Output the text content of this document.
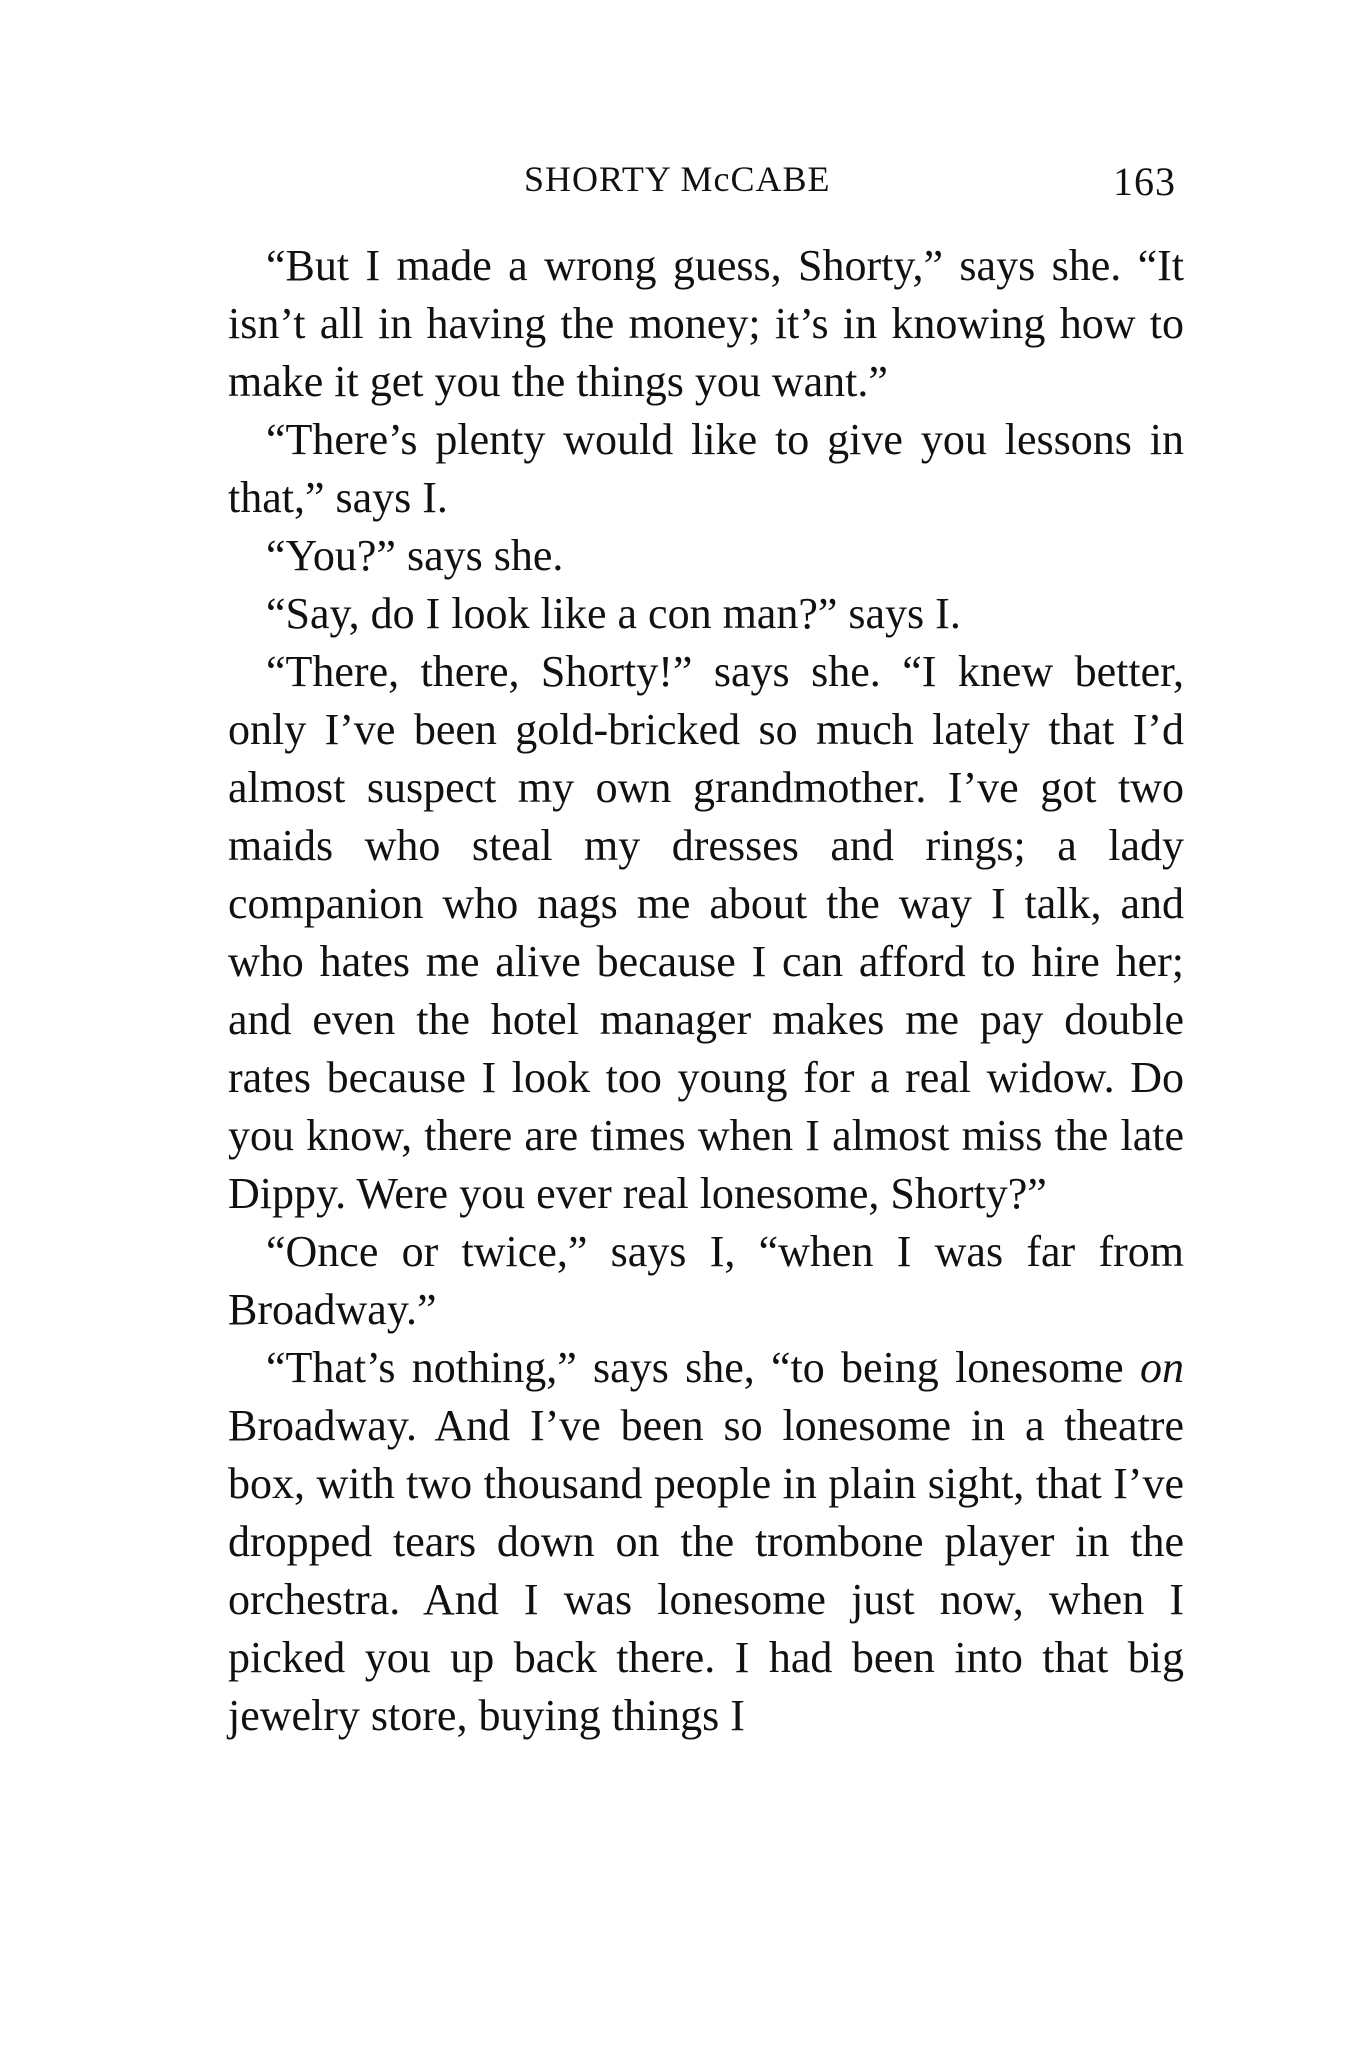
SHORTY McCABE	163

“But I made a wrong guess, Shorty,” says she. “It isn’t all in having the money; it’s in knowing how to make it get you the things you want.”

“There’s plenty would like to give you lessons in that,” says I.

“You?” says she.

“Say, do I look like a con man?” says I.

“There, there, Shorty!” says she. “I knew better, only I’ve been gold-bricked so much lately that I’d almost suspect my own grandmother. I’ve got two maids who steal my dresses and rings; a lady companion who nags me about the way I talk, and who hates me alive because I can afford to hire her; and even the hotel manager makes me pay double rates because I look too young for a real widow. Do you know, there are times when I almost miss the late Dippy. Were you ever real lonesome, Shorty?”

“Once or twice,” says I, “when I was far from Broadway.”

“That’s nothing,” says she, “to being lonesome on Broadway. And I’ve been so lonesome in a theatre box, with two thousand people in plain sight, that I’ve dropped tears down on the trombone player in the orchestra. And I was lonesome just now, when I picked you up back there. I had been into that big jewelry store, buying things I
